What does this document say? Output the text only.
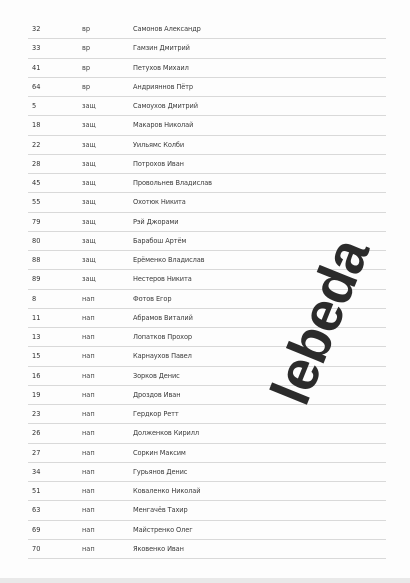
32	вр	Самонов Александр
33	вр	Гамзин Дмитрий
41	вр	Петухов Михаил
64	вр	Андрияннов Пётр
5	защ	Самоухов Дмитрий
18	защ	Макаров Николай
22	защ	Уильямс Колби
28	защ	Потрохов Иван
45	защ	Провольнев Владислав
55	защ	Охотюк Никита
79	защ	Рэй Джорами
80	защ	Барабош Артём
88	защ	Ерёменко Владислав
89	защ	Нестеров Никита
8	нап	Фотов Егор
11	нап	Абрамов Виталий
13	нап	Лопатков Прохор
15	нап	Карнаухов Павел
16	нап	Зорков Денис
19	нап	Дроздов Иван
23	нап	Гердкор Ретт
26	нап	Долженков Кирилл
27	нап	Соркин Максим
34	нап	Гурьянов Денис
51	нап	Коваленко Николай
63	нап	Менгачёв Тахир
69	нап	Майстренко Олег
70	нап	Яковенко Иван
lebeda
